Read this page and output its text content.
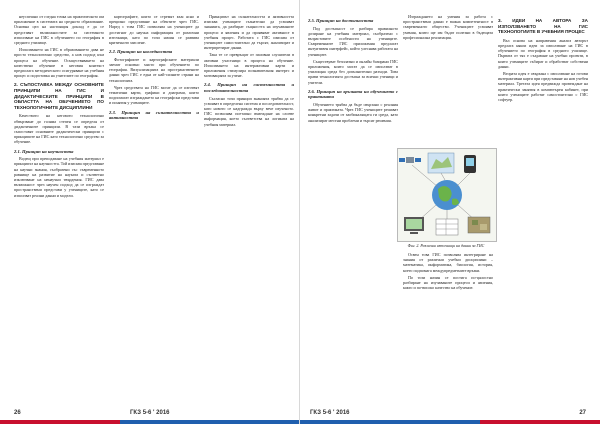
неуспешно от гледна точка на практическото им приложение в системата на средното образование. Основна цел на настоящия доклад е да се представят възможностите за системното използване на ГИС в обучението по география в средното училище.

Използването на ГИС в образованието дава не просто технологично средство, а нов подход към процеса на обучение. Осъществяването на качествено обучение в неговия контекст предполага методическото осигуряване на учебния процес и подготовка на учителите по география.

2. СЪПОСТАВКА МЕЖДУ ОСНОВНИТЕ ПРИНЦИПИ НА ГИС И ДИДАКТИЧЕСКИТЕ ПРИНЦИПИ В ОБЛАСТТА НА ОБУЧЕНИЕТО ПО ТЕХНОЛОГИЧНИТЕ ДИСЦИПЛИНИ

Качеството на неговото технологично обвързване до голяма степен се определя от дидактичните принципи. В тази връзка се съпоставят основните дидактически принципи с принципите на ГИС като технологично средство за обучение.

2.1. Принцип на научността

Водещ при преподаване на учебния материал е принципът на научността. Той изисква представяне на научни знания, съобразени със съвременното равнище на развитие на науката и съответно изключване на ненаучни твърдения. ГИС дава възможност чрез научен подход да се изграждат пространствени представи у учениците, като се използват реални данни и модели.

картографите, които се стремят към ясно и прецизно представяне на обектите чрез ГИС. Наред с това ГИС позволява на учениците да достигнат до научна информация от различни източници, като по този начин се развива критичното мислене.

2.2. Принцип на нагледността

Фотографиите и картографските материали заемат основно място при обучението по география. Визуализацията на пространствените данни чрез ГИС е една от най-силните страни на технологията.

Чрез средствата на ГИС могат да се изготвят тематични карти, графики и диаграми, които подпомагат изграждането на географски представи и понятия у учениците.

2.3. Принцип на съзнателността и активността

Принципът на съзнателността и активността изисква учениците съзнателно да усвояват знанията, да разбират същността на изучаваните процеси и явления и да проявяват активност в учебния процес. Работата с ГИС изисква от учениците самостоятелно да търсят, анализират и интерпретират данни.

Така те се превръщат от пасивни слушатели в активни участници в процеса на обучение. Използването на интерактивни карти и приложения стимулира познавателния интерес и мотивацията за учене.

2.4. Принцип на системността и последователността

Съгласно този принцип знанията трябва да се усвояват в определена система и последователност, като новото се надгражда върху вече изученото. ГИС позволява поетапно въвеждане на слоеве информация, което съответства на логиката на учебния материал.

26	ГКЗ 5-6 ' 2016
2.5. Принцип на достъпността

Под достъпност се разбира правилното дозиране на учебния материал, съобразено с възрастовите особености на учениците. Съвременните ГИС приложения предлагат интуитивен интерфейс, който улеснява работата на учениците.

Съществуват безплатни и онлайн базирани ГИС приложения, които могат да се използват в училищна среда без допълнителни разходи. Това прави технологията достъпна за всички ученици и учители.

2.6. Принцип на връзката на обучението с практиката

Обучението трябва да бъде свързано с реалния живот и практиката. Чрез ГИС учениците решават конкретни задачи от заобикалящата ги среда, като анализират местни проблеми и търсят решения.

Изграждането на умения за работа с пространствени данни е важна компетентност в съвременното общество. Учениците усвояват умения, които ще им бъдат полезни в бъдещата професионална реализация.

Фиг. 2. Различни източници на данни за ГИС

Освен това ГИС позволява интегриране на знания от различни учебни дисциплини – математика, информатика, биология, история, което подпомага междупредметните връзки.

По този начин се постига по-цялостно разбиране на изучаваните процеси и явления, както и по-високо качество на обучение.

3. ИДЕИ НА АВТОРА ЗА ИЗПОЛЗВАНЕТО НА ГИС ТЕХНОЛОГИИТЕ В УЧЕБНИЯ ПРОЦЕС

Въз основа на направения анализ авторът предлага някои идеи за използване на ГИС в обучението по география в средното училище. Първата от тях е създаване на учебни проекти, в които учениците събират и обработват собствени данни.

Втората идея е свързана с използване на готови интерактивни карти при представяне на нов учебен материал. Третата идея предвижда провеждане на практически занятия в компютърен кабинет, при които учениците работят самостоятелно с ГИС софтуер.

ГКЗ 5-6 ' 2016	27
